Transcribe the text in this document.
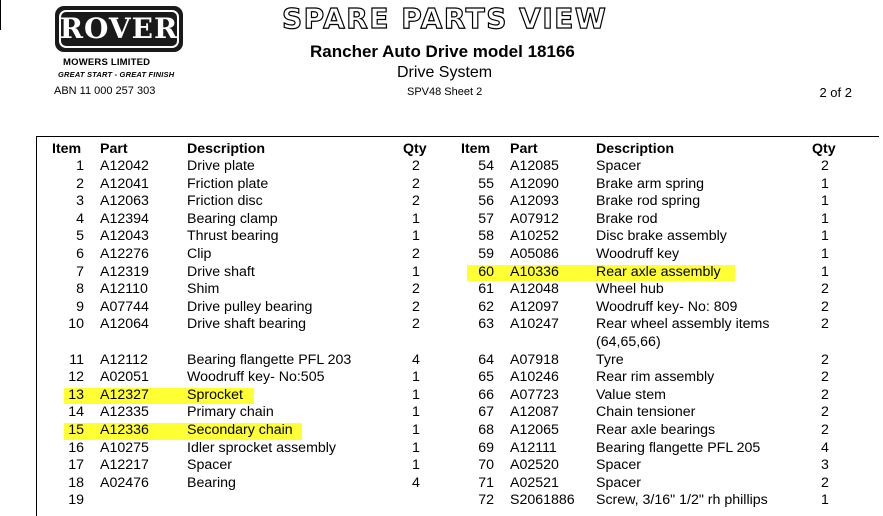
ROVER
MOWERS LIMITED
GREAT START - GREAT FINISH
ABN 11 000 257 303
SPARE PARTS VIEW
Rancher Auto Drive model 18166
Drive System
SPV48 Sheet 2	2 of 2
Item Part	Description	Qty Item Part	Description	Qty
1 A12042	Drive plate	2
2 A12041	Friction plate	2
3 A12063	Friction disc	2
4 A12394	Bearing clamp	1
5 A12043	Thrust bearing	1
6 A12276	Clip	2
7 A12319	Drive shaft	1
8 A12110	Shim	2
9 A07744	Drive pulley bearing	2
10 A12064	Drive shaft bearing	2
11 A12112	Bearing flangette PFL 203	4
12 A02051	Woodruff key- No:505	1
13 A12327	Sprocket	1
14 A12335	Primary chain	1
15 A12336	Secondary chain	1
16 A10275	Idler sprocket assembly	1
17 A12217	Spacer	1
18 A02476	Bearing	4
19
54 A12085	Spacer	2
55 A12090	Brake arm spring	1
56 A12093	Brake rod spring	1
57 A07912	Brake rod	1
58 A10252	Disc brake assembly	1
59 A05086	Woodruff key	1
60 A10336	Rear axle assembly	1
61 A12048	Wheel hub	2
62 A12097	Woodruff key- No: 809	2
63 A10247	Rear wheel assembly items	2
(64,65,66)
64 A07918	Tyre	2
65 A10246	Rear rim assembly	2
66 A07723	Value stem	2
67 A12087	Chain tensioner	2
68 A12065	Rear axle bearings	2
69 A12111	Bearing flangette PFL 205	4
70 A02520	Spacer	3
71 A02521	Spacer	2
72 S2061886 Screw, 3/16" 1/2" rh phillips	1
